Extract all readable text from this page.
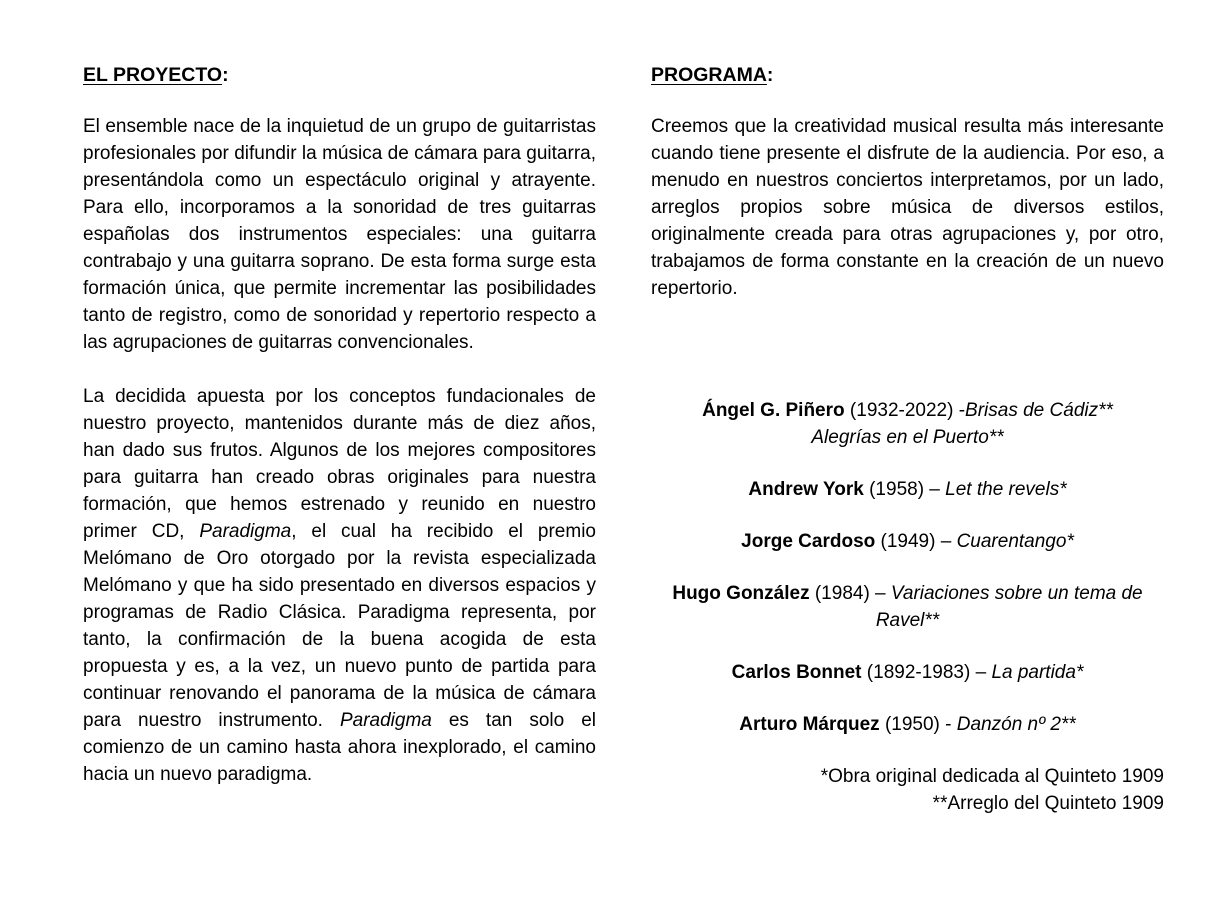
EL PROYECTO:

El ensemble nace de la inquietud de un grupo de guitarristas profesionales por difundir la música de cámara para guitarra, presentándola como un espectáculo original y atrayente. Para ello, incorporamos a la sonoridad de tres guitarras españolas dos instrumentos especiales: una guitarra contrabajo y una guitarra soprano. De esta forma surge esta formación única, que permite incrementar las posibilidades tanto de registro, como de sonoridad y repertorio respecto a las agrupaciones de guitarras convencionales.

La decidida apuesta por los conceptos fundacionales de nuestro proyecto, mantenidos durante más de diez años, han dado sus frutos. Algunos de los mejores compositores para guitarra han creado obras originales para nuestra formación, que hemos estrenado y reunido en nuestro primer CD, Paradigma, el cual ha recibido el premio Melómano de Oro otorgado por la revista especializada Melómano y que ha sido presentado en diversos espacios y programas de Radio Clásica. Paradigma representa, por tanto, la confirmación de la buena acogida de esta propuesta y es, a la vez, un nuevo punto de partida para continuar renovando el panorama de la música de cámara para nuestro instrumento. Paradigma es tan solo el comienzo de un camino hasta ahora inexplorado, el camino hacia un nuevo paradigma.

PROGRAMA:

Creemos que la creatividad musical resulta más interesante cuando tiene presente el disfrute de la audiencia. Por eso, a menudo en nuestros conciertos interpretamos, por un lado, arreglos propios sobre música de diversos estilos, originalmente creada para otras agrupaciones y, por otro, trabajamos de forma constante en la creación de un nuevo repertorio.

Ángel G. Piñero (1932-2022) -Brisas de Cádiz**
Alegrías en el Puerto**
Andrew York (1958) – Let the revels*
Jorge Cardoso (1949) – Cuarentango*
Hugo González (1984) – Variaciones sobre un tema de Ravel**
Carlos Bonnet (1892-1983) – La partida*
Arturo Márquez (1950) - Danzón nº 2**
*Obra original dedicada al Quinteto 1909
**Arreglo del Quinteto 1909
